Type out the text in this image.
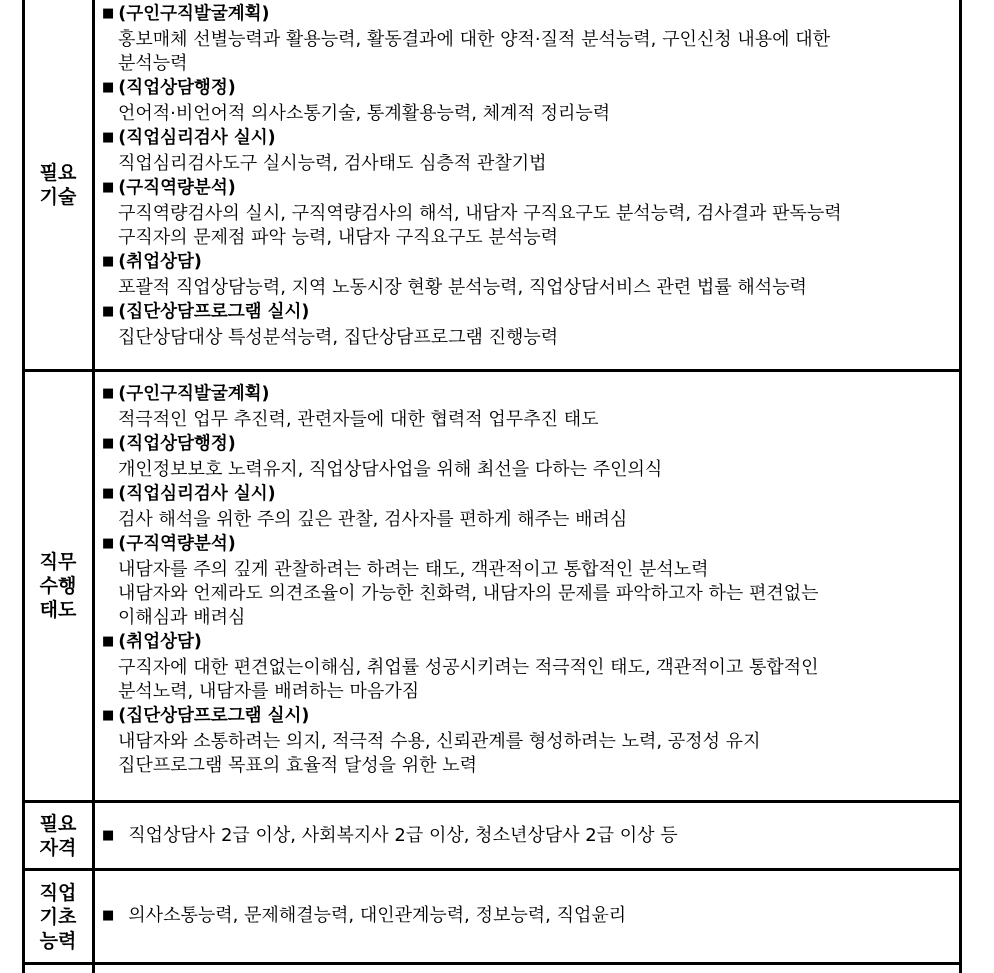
필요
기술
■ (구인구직발굴계획)
홍보매체 선별능력과 활용능력, 활동결과에 대한 양적·질적 분석능력, 구인신청 내용에 대한
분석능력
■ (직업상담행정)
언어적·비언어적 의사소통기술, 통계활용능력, 체계적 정리능력
■ (직업심리검사 실시)
직업심리검사도구 실시능력, 검사태도 심층적 관찰기법
■ (구직역량분석)
구직역량검사의 실시, 구직역량검사의 해석, 내담자 구직요구도 분석능력, 검사결과 판독능력
구직자의 문제점 파악 능력, 내담자 구직요구도 분석능력
■ (취업상담)
포괄적 직업상담능력, 지역 노동시장 현황 분석능력, 직업상담서비스 관련 법률 해석능력
■ (집단상담프로그램 실시)
집단상담대상 특성분석능력, 집단상담프로그램 진행능력
직무
수행
태도
■ (구인구직발굴계획)
적극적인 업무 추진력, 관련자들에 대한 협력적 업무추진 태도
■ (직업상담행정)
개인정보보호 노력유지, 직업상담사업을 위해 최선을 다하는 주인의식
■ (직업심리검사 실시)
검사 해석을 위한 주의 깊은 관찰, 검사자를 편하게 해주는 배려심
■ (구직역량분석)
내담자를 주의 깊게 관찰하려는 하려는 태도, 객관적이고 통합적인 분석노력
내담자와 언제라도 의견조율이 가능한 친화력, 내담자의 문제를 파악하고자 하는 편견없는
이해심과 배려심
■ (취업상담)
구직자에 대한 편견없는이해심, 취업률 성공시키려는 적극적인 태도, 객관적이고 통합적인
분석노력, 내담자를 배려하는 마음가짐
■ (집단상담프로그램 실시)
내담자와 소통하려는 의지, 적극적 수용, 신뢰관계를 형성하려는 노력, 공정성 유지
집단프로그램 목표의 효율적 달성을 위한 노력
필요
자격
■ 직업상담사 2급 이상, 사회복지사 2급 이상, 청소년상담사 2급 이상 등
직업
기초
능력
■ 의사소통능력, 문제해결능력, 대인관계능력, 정보능력, 직업윤리
